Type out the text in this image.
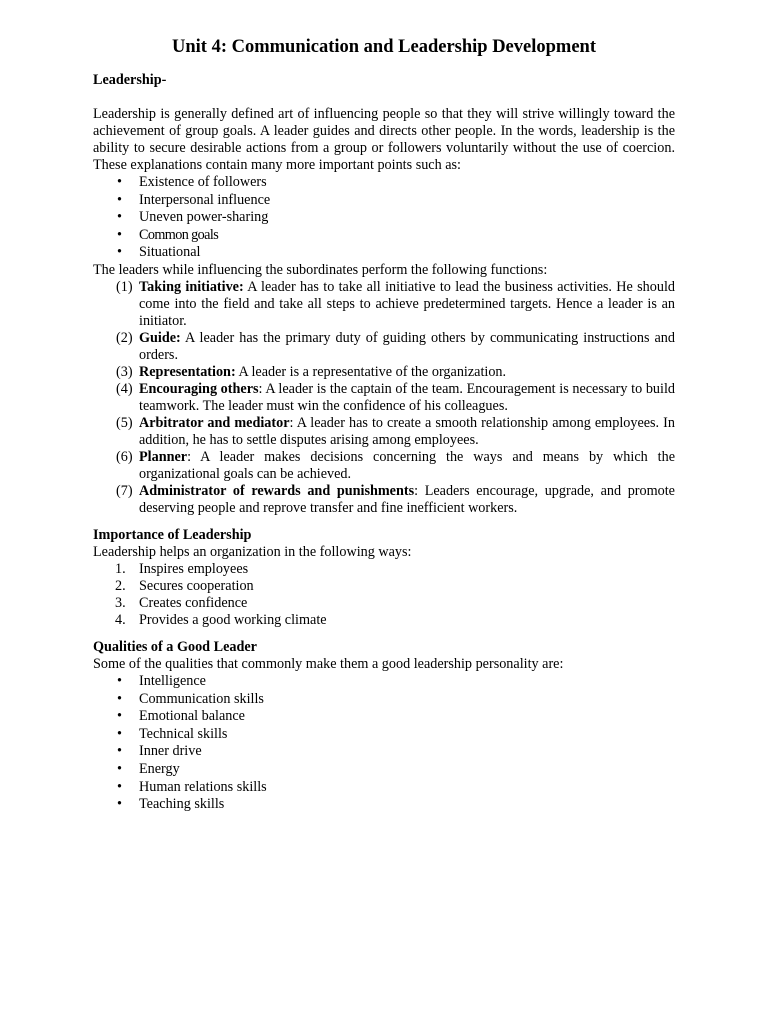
Unit 4: Communication and Leadership Development
Leadership-

Leadership is generally defined art of influencing people so that they will strive willingly toward the achievement of group goals. A leader guides and directs other people. In the words, leadership is the ability to secure desirable actions from a group or followers voluntarily without the use of coercion. These explanations contain many more important points such as:

• Existence of followers
• Interpersonal influence
• Uneven power-sharing
• Common goals
• Situational

The leaders while influencing the subordinates perform the following functions:

(1) Taking initiative: A leader has to take all initiative to lead the business activities. He should come into the field and take all steps to achieve predetermined targets. Hence a leader is an initiator.
(2) Guide: A leader has the primary duty of guiding others by communicating instructions and orders.
(3) Representation: A leader is a representative of the organization.
(4) Encouraging others: A leader is the captain of the team. Encouragement is necessary to build teamwork. The leader must win the confidence of his colleagues.
(5) Arbitrator and mediator: A leader has to create a smooth relationship among employees. In addition, he has to settle disputes arising among employees.
(6) Planner: A leader makes decisions concerning the ways and means by which the organizational goals can be achieved.
(7) Administrator of rewards and punishments: Leaders encourage, upgrade, and promote deserving people and reprove transfer and fine inefficient workers.
Importance of Leadership

Leadership helps an organization in the following ways:

1. Inspires employees
2. Secures cooperation
3. Creates confidence
4. Provides a good working climate
Qualities of a Good Leader

Some of the qualities that commonly make them a good leadership personality are:

• Intelligence
• Communication skills
• Emotional balance
• Technical skills
• Inner drive
• Energy
• Human relations skills
• Teaching skills
